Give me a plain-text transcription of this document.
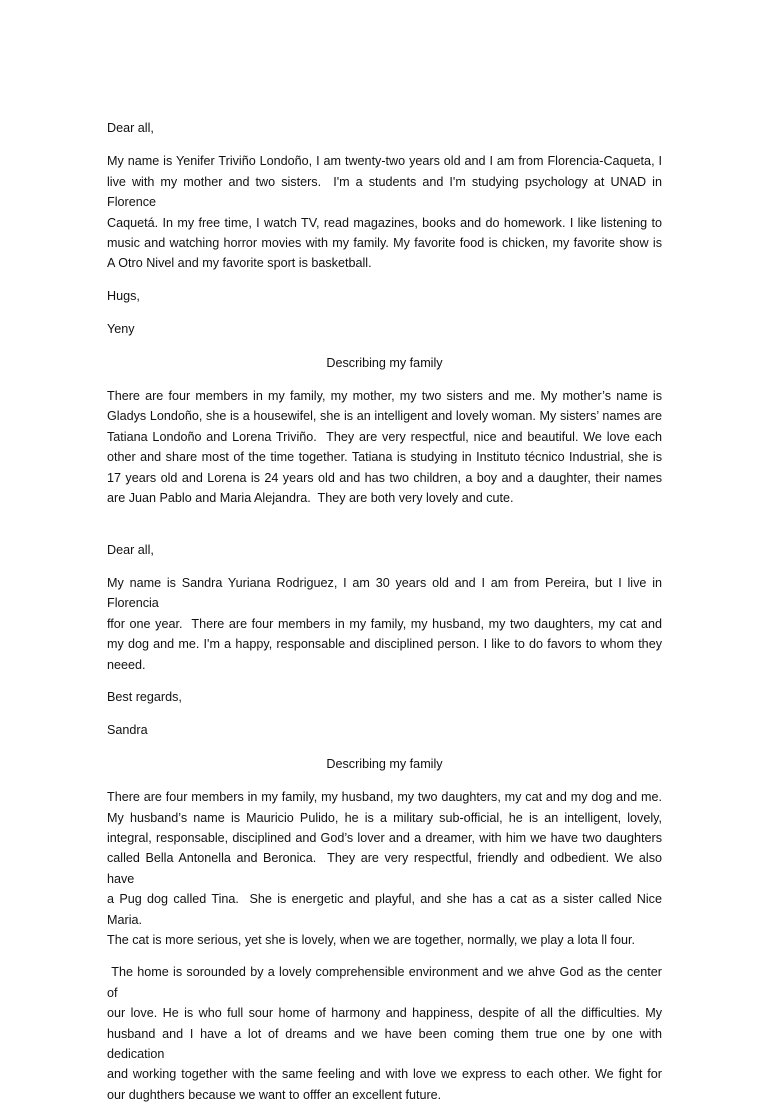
Dear all,

My name is Yenifer Triviño Londoño, I am twenty-two years old and I am from Florencia-Caqueta, I

live with my mother and two sisters.  I'm a students and I'm studying psychology at UNAD in Florence

Caquetá. In my free time, I watch TV, read magazines, books and do homework. I like listening to

music and watching horror movies with my family. My favorite food is chicken, my favorite show is

A Otro Nivel and my favorite sport is basketball.

Hugs,

Yeny

Describing my family

There are four members in my family, my mother, my two sisters and me. My mother’s name is

Gladys Londoño, she is a housewifel, she is an intelligent and lovely woman. My sisters’ names are

Tatiana Londoño and Lorena Triviño.  They are very respectful, nice and beautiful. We love each

other and share most of the time together. Tatiana is studying in Instituto técnico Industrial, she is

17 years old and Lorena is 24 years old and has two children, a boy and a daughter, their names

are Juan Pablo and Maria Alejandra.  They are both very lovely and cute.

Dear all,

My name is Sandra Yuriana Rodriguez, I am 30 years old and I am from Pereira, but I live in Florencia

ffor one year.  There are four members in my family, my husband, my two daughters, my cat and

my dog and me. I'm a happy, responsable and disciplined person. I like to do favors to whom they

neeed.

Best regards,

Sandra

Describing my family

There are four members in my family, my husband, my two daughters, my cat and my dog and me.

My husband’s name is Mauricio Pulido, he is a military sub-official, he is an intelligent, lovely,

integral, responsable, disciplined and God’s lover and a dreamer, with him we have two daughters

called Bella Antonella and Beronica.  They are very respectful, friendly and odbedient. We also have

a Pug dog called Tina.  She is energetic and playful, and she has a cat as a sister called Nice Maria.

The cat is more serious, yet she is lovely, when we are together, normally, we play a lota ll four.

The home is sorounded by a lovely comprehensible environment and we ahve God as the center of

our love. He is who full sour home of harmony and happiness, despite of all the difficulties. My

husband and I have a lot of dreams and we have been coming them true one by one with dedication

and working together with the same feeling and with love we express to each other. We fight for

our dughthers because we want to offfer an excellent future.
